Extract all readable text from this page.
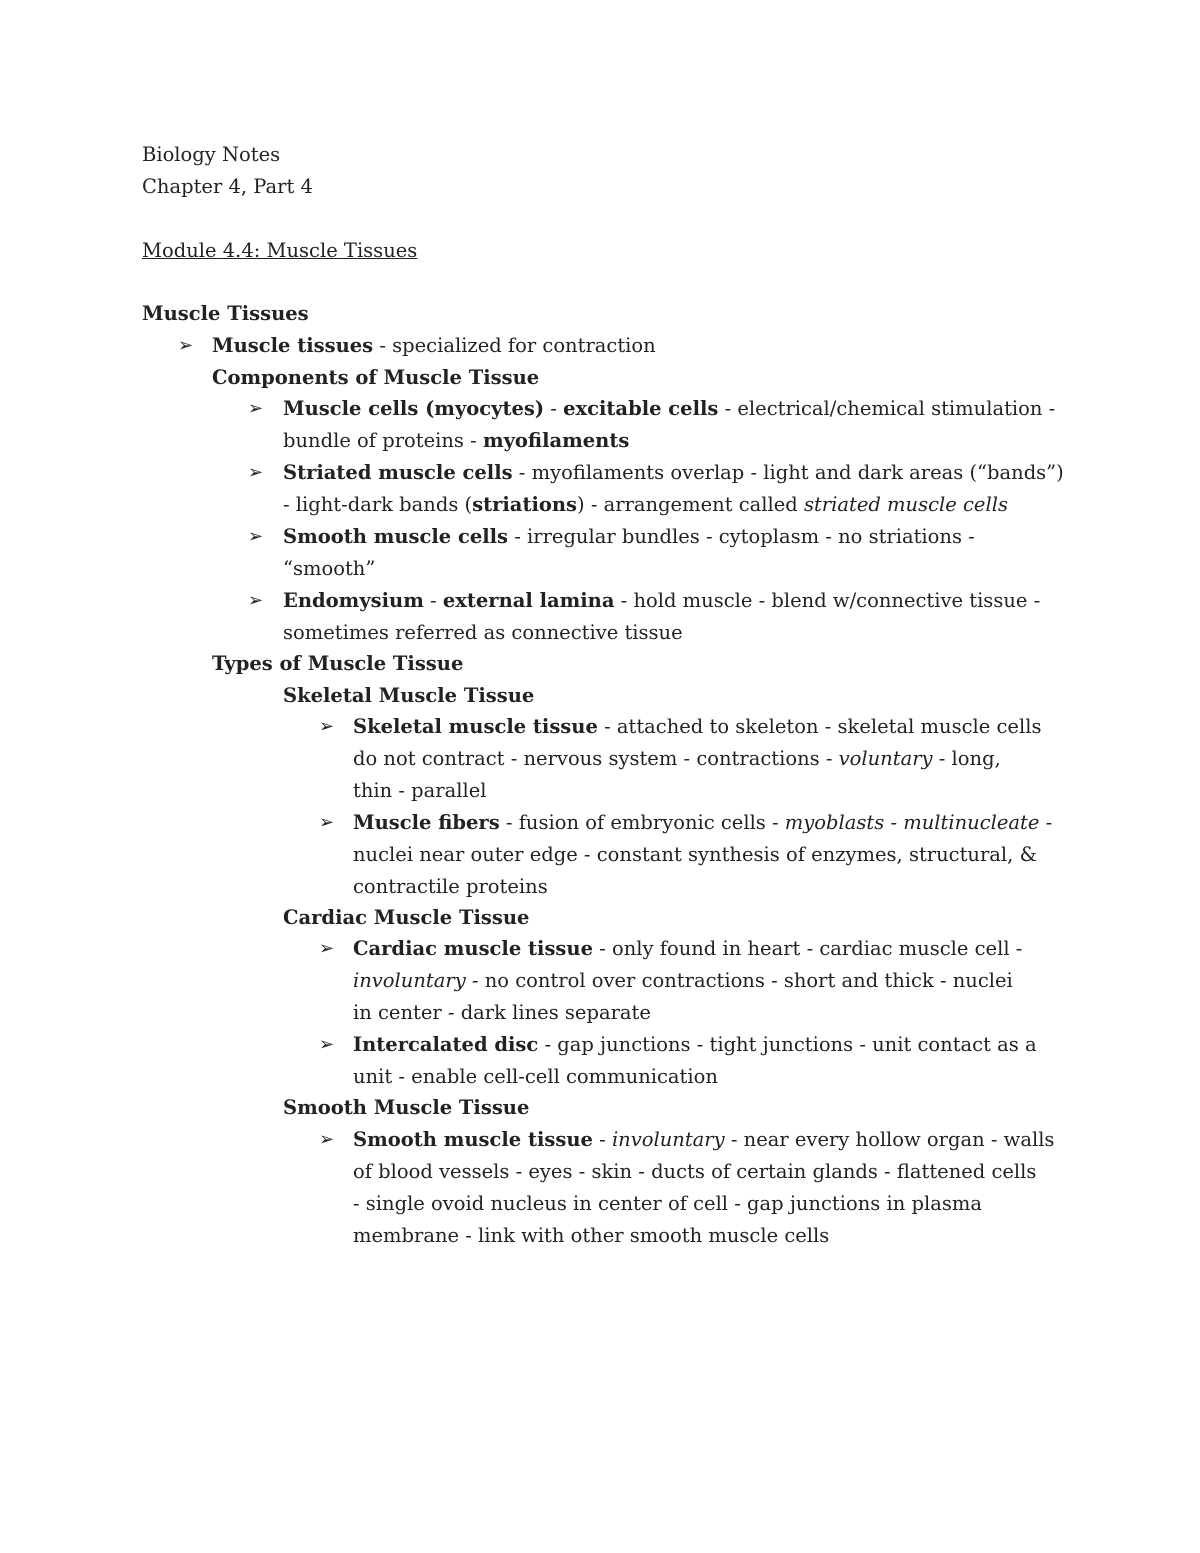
Biology Notes
Chapter 4, Part 4
Module 4.4: Muscle Tissues
Muscle Tissues
➢ Muscle tissues - specialized for contraction
Components of Muscle Tissue
➢ Muscle cells (myocytes) - excitable cells - electrical/chemical stimulation -
bundle of proteins - myofilaments
➢ Striated muscle cells - myofilaments overlap - light and dark areas (“bands”)
- light-dark bands (striations) - arrangement called striated muscle cells
➢ Smooth muscle cells - irregular bundles - cytoplasm - no striations -
“smooth”
➢ Endomysium - external lamina - hold muscle - blend w/connective tissue -
sometimes referred as connective tissue
Types of Muscle Tissue
Skeletal Muscle Tissue
➢ Skeletal muscle tissue - attached to skeleton - skeletal muscle cells
do not contract - nervous system - contractions - voluntary - long,
thin - parallel
➢ Muscle fibers - fusion of embryonic cells - myoblasts - multinucleate -
nuclei near outer edge - constant synthesis of enzymes, structural, &
contractile proteins
Cardiac Muscle Tissue
➢ Cardiac muscle tissue - only found in heart - cardiac muscle cell -
involuntary - no control over contractions - short and thick - nuclei
in center - dark lines separate
➢ Intercalated disc - gap junctions - tight junctions - unit contact as a
unit - enable cell-cell communication
Smooth Muscle Tissue
➢ Smooth muscle tissue - involuntary - near every hollow organ - walls
of blood vessels - eyes - skin - ducts of certain glands - flattened cells
- single ovoid nucleus in center of cell - gap junctions in plasma
membrane - link with other smooth muscle cells
